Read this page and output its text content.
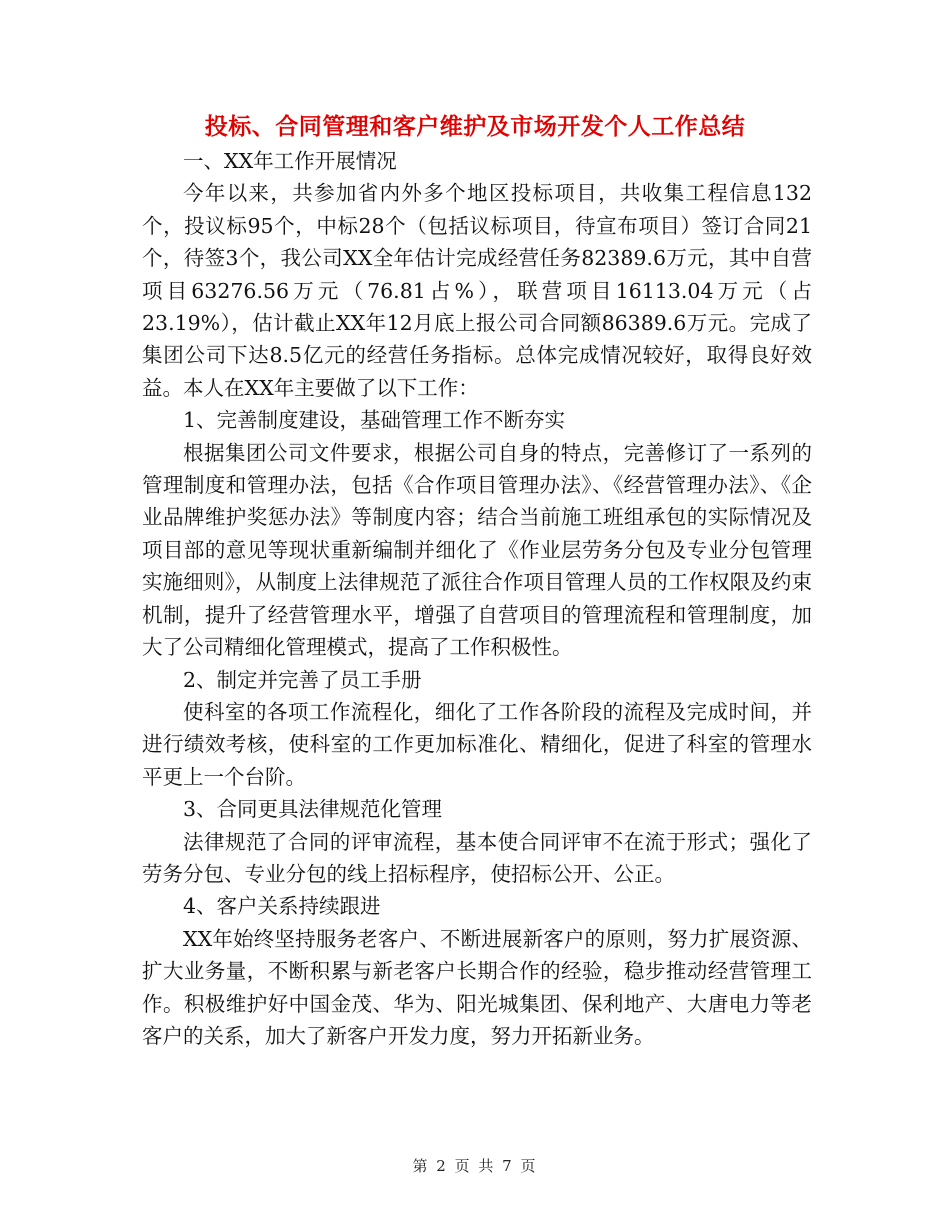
投标、合同管理和客户维护及市场开发个人工作总结

一、XX年工作开展情况

今年以来，共参加省内外多个地区投标项目，共收集工程信息132个，投议标95个，中标28个（包括议标项目，待宣布项目）签订合同21个，待签3个，我公司XX全年估计完成经营任务82389.6万元，其中自营项目63276.56万元（76.81占%），联营项目16113.04万元（占23.19%），估计截止XX年12月底上报公司合同额86389.6万元。完成了集团公司下达8.5亿元的经营任务指标。总体完成情况较好，取得良好效益。本人在XX年主要做了以下工作：

1、完善制度建设，基础管理工作不断夯实

根据集团公司文件要求，根据公司自身的特点，完善修订了一系列的管理制度和管理办法，包括《合作项目管理办法》、《经营管理办法》、《企业品牌维护奖惩办法》等制度内容；结合当前施工班组承包的实际情况及项目部的意见等现状重新编制并细化了《作业层劳务分包及专业分包管理实施细则》，从制度上法律规范了派往合作项目管理人员的工作权限及约束机制，提升了经营管理水平，增强了自营项目的管理流程和管理制度，加大了公司精细化管理模式，提高了工作积极性。

2、制定并完善了员工手册

使科室的各项工作流程化，细化了工作各阶段的流程及完成时间，并进行绩效考核，使科室的工作更加标准化、精细化，促进了科室的管理水平更上一个台阶。

3、合同更具法律规范化管理

法律规范了合同的评审流程，基本使合同评审不在流于形式；强化了劳务分包、专业分包的线上招标程序，使招标公开、公正。

4、客户关系持续跟进

XX年始终坚持服务老客户、不断进展新客户的原则，努力扩展资源、扩大业务量，不断积累与新老客户长期合作的经验，稳步推动经营管理工作。积极维护好中国金茂、华为、阳光城集团、保利地产、大唐电力等老客户的关系，加大了新客户开发力度，努力开拓新业务。

第 2 页 共 7 页
